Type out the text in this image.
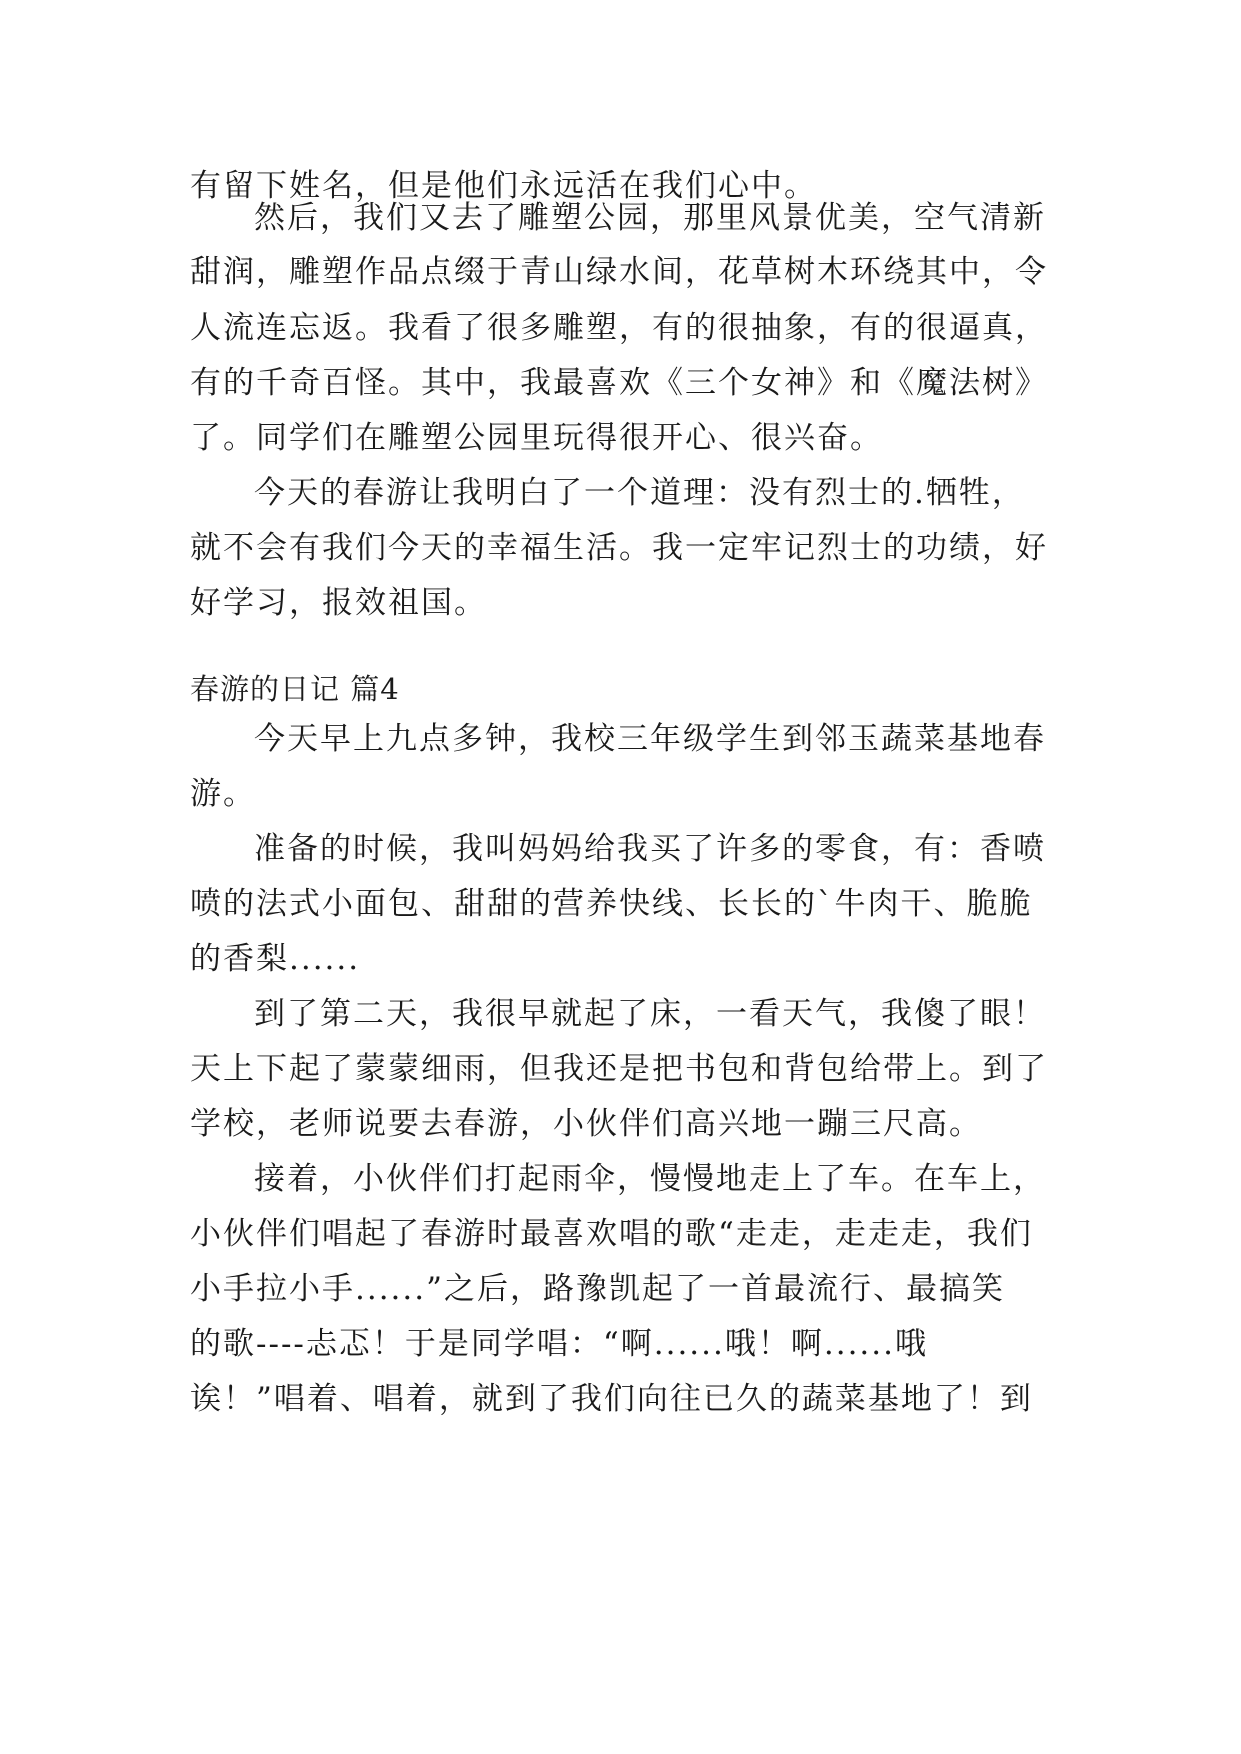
有留下姓名，但是他们永远活在我们心中。
然后，我们又去了雕塑公园，那里风景优美，空气清新
甜润，雕塑作品点缀于青山绿水间，花草树木环绕其中，令
人流连忘返。我看了很多雕塑，有的很抽象，有的很逼真，
有的千奇百怪。其中，我最喜欢《三个女神》和《魔法树》
了。同学们在雕塑公园里玩得很开心、很兴奋。
今天的春游让我明白了一个道理：没有烈士的.牺牲，
就不会有我们今天的幸福生活。我一定牢记烈士的功绩，好
好学习，报效祖国。
春游的日记 篇4
今天早上九点多钟，我校三年级学生到邻玉蔬菜基地春
游。
准备的时候，我叫妈妈给我买了许多的零食，有：香喷
喷的法式小面包、甜甜的营养快线、长长的`牛肉干、脆脆
的香梨......
到了第二天，我很早就起了床，一看天气，我傻了眼！
天上下起了蒙蒙细雨，但我还是把书包和背包给带上。到了
学校，老师说要去春游，小伙伴们高兴地一蹦三尺高。
接着，小伙伴们打起雨伞，慢慢地走上了车。在车上，
小伙伴们唱起了春游时最喜欢唱的歌“走走，走走走，我们
小手拉小手......”之后，路豫凯起了一首最流行、最搞笑
的歌----忐忑！于是同学唱：“啊......哦！啊......哦
诶！”唱着、唱着，就到了我们向往已久的蔬菜基地了！到
